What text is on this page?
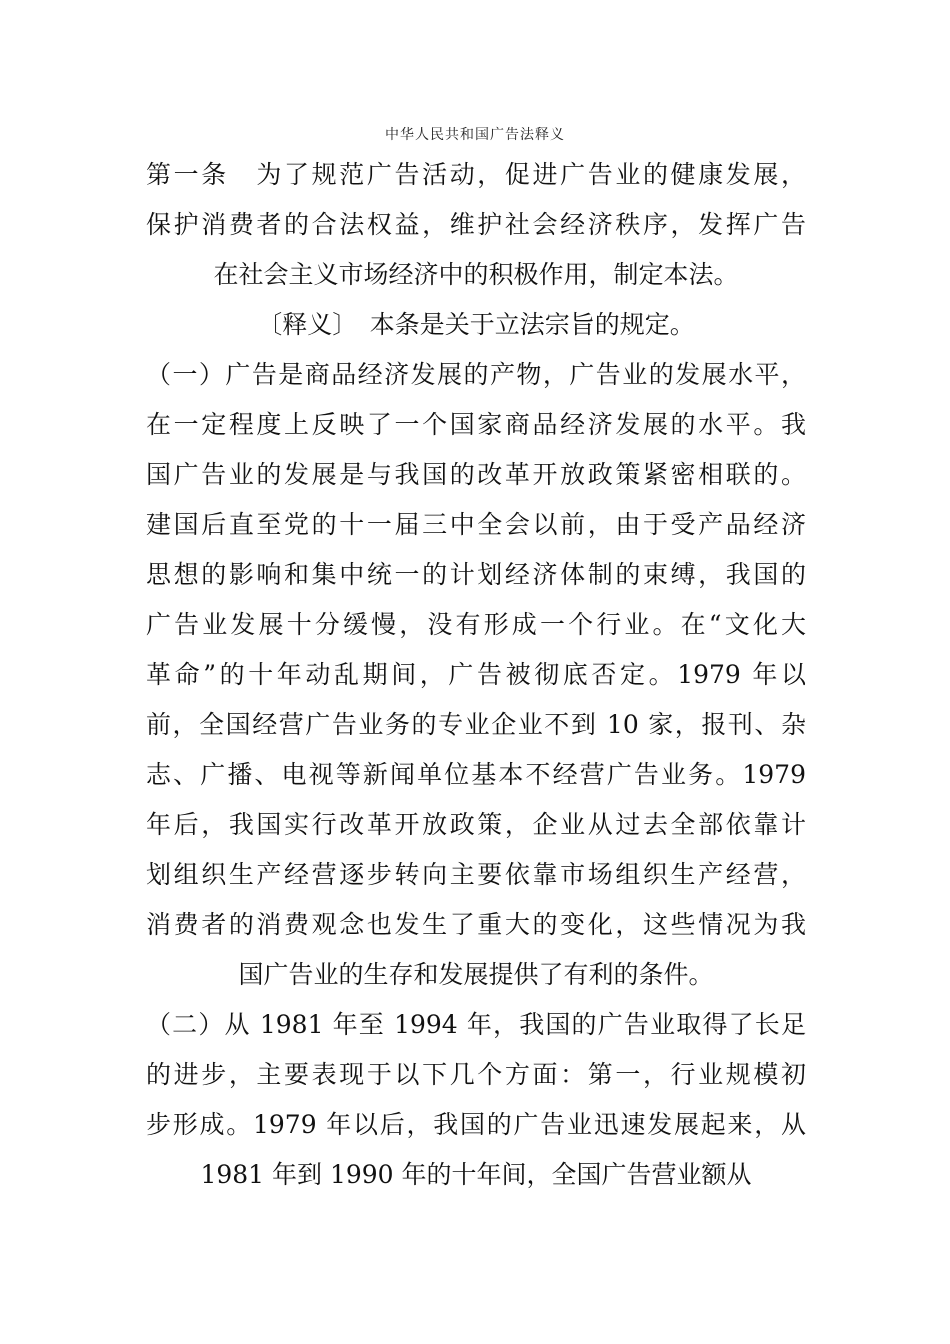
中华人民共和国广告法释义
第一条　为了规范广告活动，促进广告业的健康发展，
保护消费者的合法权益，维护社会经济秩序，发挥广告
在社会主义市场经济中的积极作用，制定本法。
〔释义〕　本条是关于立法宗旨的规定。
（一）广告是商品经济发展的产物，广告业的发展水平，
在一定程度上反映了一个国家商品经济发展的水平。我
国广告业的发展是与我国的改革开放政策紧密相联的。
建国后直至党的十一届三中全会以前，由于受产品经济
思想的影响和集中统一的计划经济体制的束缚，我国的
广告业发展十分缓慢，没有形成一个行业。在“文化大
革命”的十年动乱期间，广告被彻底否定。1979 年以
前，全国经营广告业务的专业企业不到 10 家，报刊、杂
志、广播、电视等新闻单位基本不经营广告业务。1979
年后，我国实行改革开放政策，企业从过去全部依靠计
划组织生产经营逐步转向主要依靠市场组织生产经营，
消费者的消费观念也发生了重大的变化，这些情况为我
国广告业的生存和发展提供了有利的条件。
（二）从 1981 年至 1994 年，我国的广告业取得了长足
的进步，主要表现于以下几个方面：第一，行业规模初
步形成。1979 年以后，我国的广告业迅速发展起来，从
1981 年到 1990 年的十年间，全国广告营业额从
